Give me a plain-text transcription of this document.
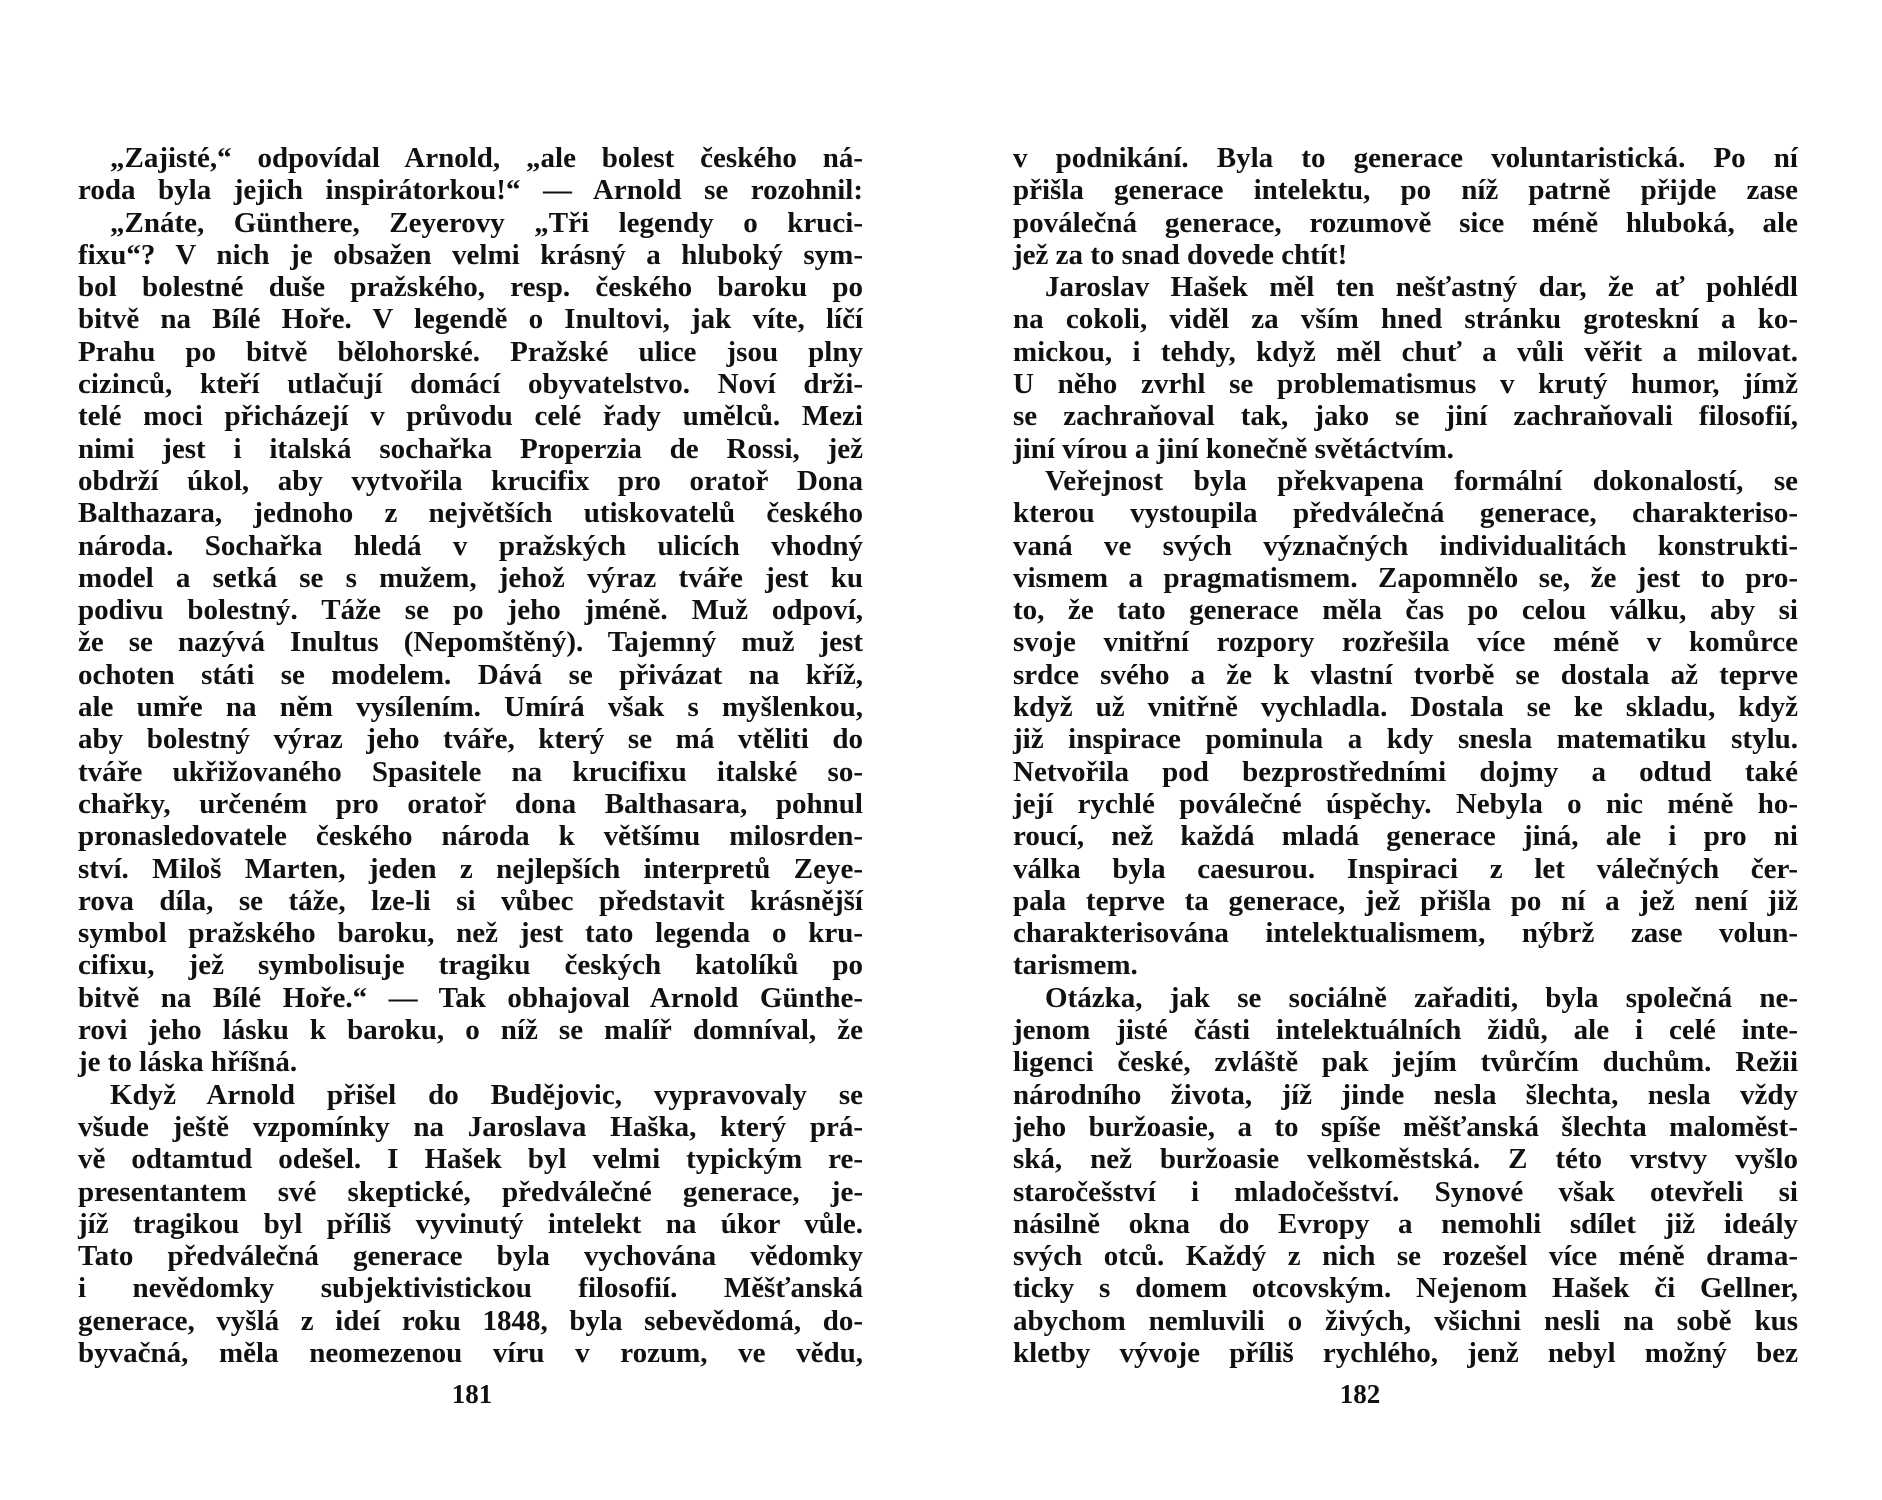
„Zajisté,“ odpovídal Arnold, „ale bolest českého ná-
roda byla jejich inspirátorkou!“ — Arnold se rozohnil:
„Znáte, Günthere, Zeyerovy „Tři legendy o kruci-
fixu“? V nich je obsažen velmi krásný a hluboký sym-
bol bolestné duše pražského, resp. českého baroku po
bitvě na Bílé Hoře. V legendě o Inultovi, jak víte, líčí
Prahu po bitvě bělohorské. Pražské ulice jsou plny
cizinců, kteří utlačují domácí obyvatelstvo. Noví drži-
telé moci přicházejí v průvodu celé řady umělců. Mezi
nimi jest i italská sochařka Properzia de Rossi, jež
obdrží úkol, aby vytvořila krucifix pro oratoř Dona
Balthazara, jednoho z největších utiskovatelů českého
národa. Sochařka hledá v pražských ulicích vhodný
model a setká se s mužem, jehož výraz tváře jest ku
podivu bolestný. Táže se po jeho jméně. Muž odpoví,
že se nazývá Inultus (Nepomštěný). Tajemný muž jest
ochoten státi se modelem. Dává se přivázat na kříž,
ale umře na něm vysílením. Umírá však s myšlenkou,
aby bolestný výraz jeho tváře, který se má vtěliti do
tváře ukřižovaného Spasitele na krucifixu italské so-
chařky, určeném pro oratoř dona Balthasara, pohnul
pronasledovatele českého národa k většímu milosrden-
ství. Miloš Marten, jeden z nejlepších interpretů Zeye-
rova díla, se táže, lze-li si vůbec představit krásnější
symbol pražského baroku, než jest tato legenda o kru-
cifixu, jež symbolisuje tragiku českých katolíků po
bitvě na Bílé Hoře.“ — Tak obhajoval Arnold Günthe-
rovi jeho lásku k baroku, o níž se malíř domníval, že
je to láska hříšná.
Když Arnold přišel do Budějovic, vypravovaly se
všude ještě vzpomínky na Jaroslava Haška, který prá-
vě odtamtud odešel. I Hašek byl velmi typickým re-
presentantem své skeptické, předválečné generace, je-
jíž tragikou byl příliš vyvinutý intelekt na úkor vůle.
Tato předválečná generace byla vychována vědomky
i nevědomky subjektivistickou filosofií. Měšťanská
generace, vyšlá z ideí roku 1848, byla sebevědomá, do-
byvačná, měla neomezenou víru v rozum, ve vědu,
181
v podnikání. Byla to generace voluntaristická. Po ní
přišla generace intelektu, po níž patrně přijde zase
poválečná generace, rozumově sice méně hluboká, ale
jež za to snad dovede chtít!
Jaroslav Hašek měl ten nešťastný dar, že ať pohlédl
na cokoli, viděl za vším hned stránku groteskní a ko-
mickou, i tehdy, když měl chuť a vůli věřit a milovat.
U něho zvrhl se problematismus v krutý humor, jímž
se zachraňoval tak, jako se jiní zachraňovali filosofií,
jiní vírou a jiní konečně světáctvím.
Veřejnost byla překvapena formální dokonalostí, se
kterou vystoupila předválečná generace, charakteriso-
vaná ve svých význačných individualitách konstrukti-
vismem a pragmatismem. Zapomnělo se, že jest to pro-
to, že tato generace měla čas po celou válku, aby si
svoje vnitřní rozpory rozřešila více méně v komůrce
srdce svého a že k vlastní tvorbě se dostala až teprve
když už vnitřně vychladla. Dostala se ke skladu, když
již inspirace pominula a kdy snesla matematiku stylu.
Netvořila pod bezprostředními dojmy a odtud také
její rychlé poválečné úspěchy. Nebyla o nic méně ho-
roucí, než každá mladá generace jiná, ale i pro ni
válka byla caesurou. Inspiraci z let válečných čer-
pala teprve ta generace, jež přišla po ní a jež není již
charakterisována intelektualismem, nýbrž zase volun-
tarismem.
Otázka, jak se sociálně zařaditi, byla společná ne-
jenom jisté části intelektuálních židů, ale i celé inte-
ligenci české, zvláště pak jejím tvůrčím duchům. Režii
národního života, jíž jinde nesla šlechta, nesla vždy
jeho buržoasie, a to spíše měšťanská šlechta maloměst-
ská, než buržoasie velkoměstská. Z této vrstvy vyšlo
staročešství i mladočešství. Synové však otevřeli si
násilně okna do Evropy a nemohli sdílet již ideály
svých otců. Každý z nich se rozešel více méně drama-
ticky s domem otcovským. Nejenom Hašek či Gellner,
abychom nemluvili o živých, všichni nesli na sobě kus
kletby vývoje příliš rychlého, jenž nebyl možný bez
182
